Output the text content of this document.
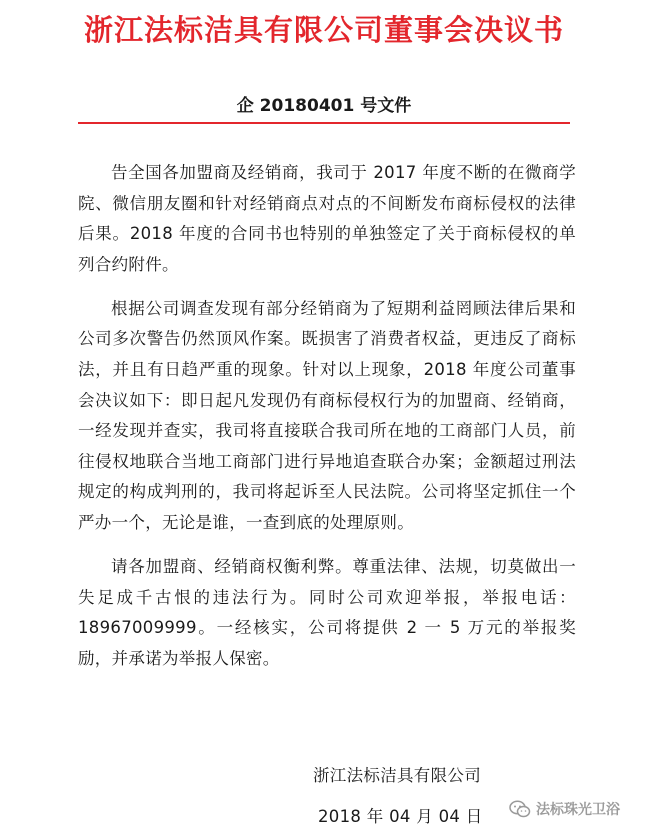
浙江法标洁具有限公司董事会决议书
企 20180401 号文件

告全国各加盟商及经销商，我司于 2017 年度不断的在微商学院、微信朋友圈和针对经销商点对点的不间断发布商标侵权的法律后果。2018 年度的合同书也特别的单独签定了关于商标侵权的单列合约附件。

根据公司调查发现有部分经销商为了短期利益罔顾法律后果和公司多次警告仍然顶风作案。既损害了消费者权益，更违反了商标法，并且有日趋严重的现象。针对以上现象，2018 年度公司董事会决议如下：即日起凡发现仍有商标侵权行为的加盟商、经销商，一经发现并查实，我司将直接联合我司所在地的工商部门人员，前往侵权地联合当地工商部门进行异地追查联合办案；金额超过刑法规定的构成判刑的，我司将起诉至人民法院。公司将坚定抓住一个严办一个，无论是谁，一查到底的处理原则。

请各加盟商、经销商权衡利弊。尊重法律、法规，切莫做出一失足成千古恨的违法行为。同时公司欢迎举报，举报电话：18967009999。一经核实，公司将提供 2 一 5 万元的举报奖励，并承诺为举报人保密。

浙江法标洁具有限公司
2018 年 04 月 04 日	法标珠光卫浴
